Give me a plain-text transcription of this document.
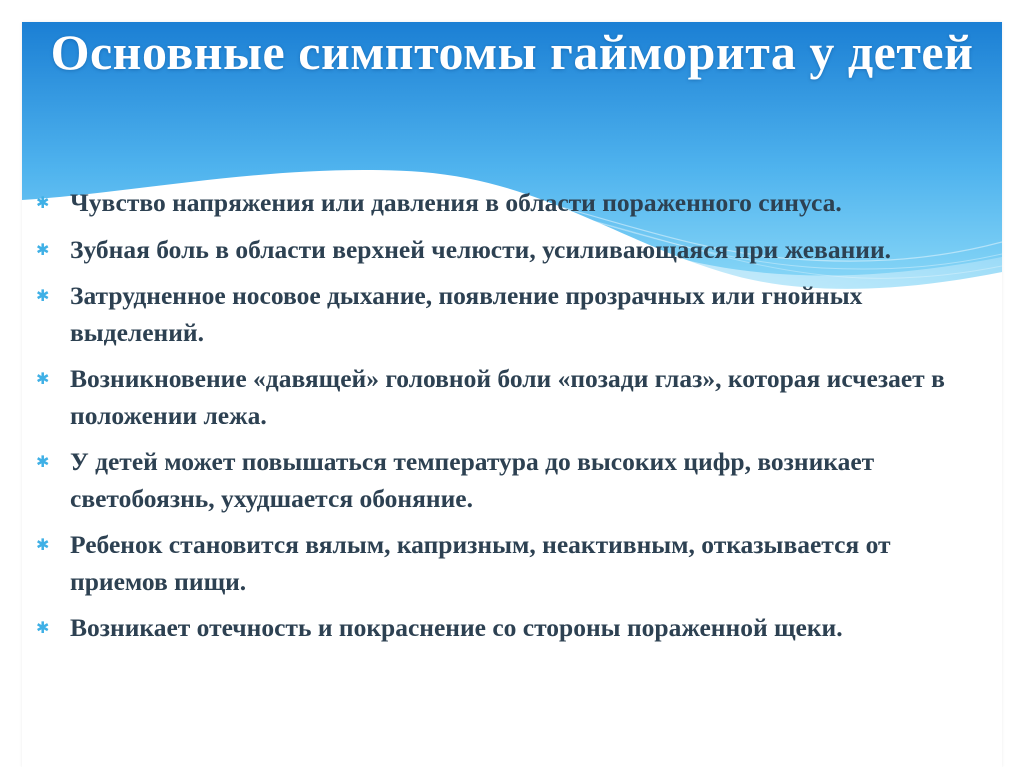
Основные симптомы гайморита у детей
✱ Чувство напряжения или давления в области пораженного синуса.
✱ Зубная боль в области верхней челюсти, усиливающаяся при жевании.
✱ Затрудненное носовое дыхание, появление прозрачных или гнойных выделений.
✱ Возникновение «давящей» головной боли «позади глаз», которая исчезает в положении лежа.
✱ У детей может повышаться температура до высоких цифр, возникает светобоязнь, ухудшается обоняние.
✱ Ребенок становится вялым, капризным, неактивным, отказывается от приемов пищи.
✱ Возникает отечность и покраснение со стороны пораженной щеки.
